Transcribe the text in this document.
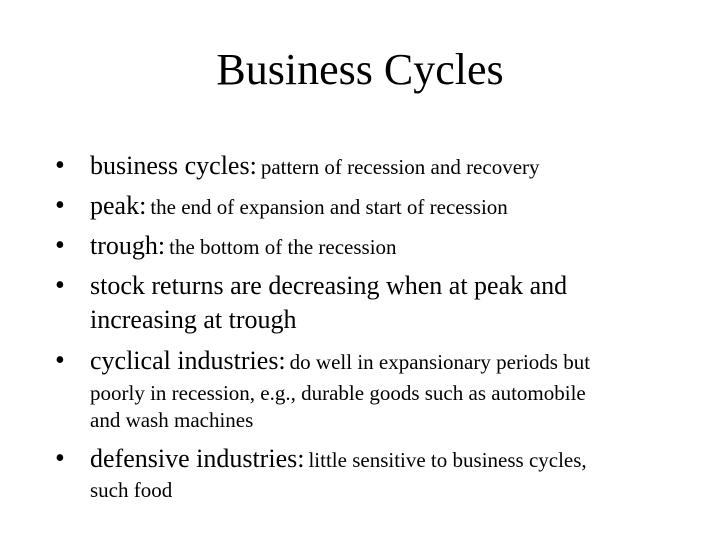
Business Cycles
• business cycles: pattern of recession and recovery
• peak: the end of expansion and start of recession
• trough: the bottom of the recession
• stock returns are decreasing when at peak and
increasing at trough
• cyclical industries: do well in expansionary periods but
poorly in recession, e.g., durable goods such as automobile
and wash machines
• defensive industries: little sensitive to business cycles,
such food
